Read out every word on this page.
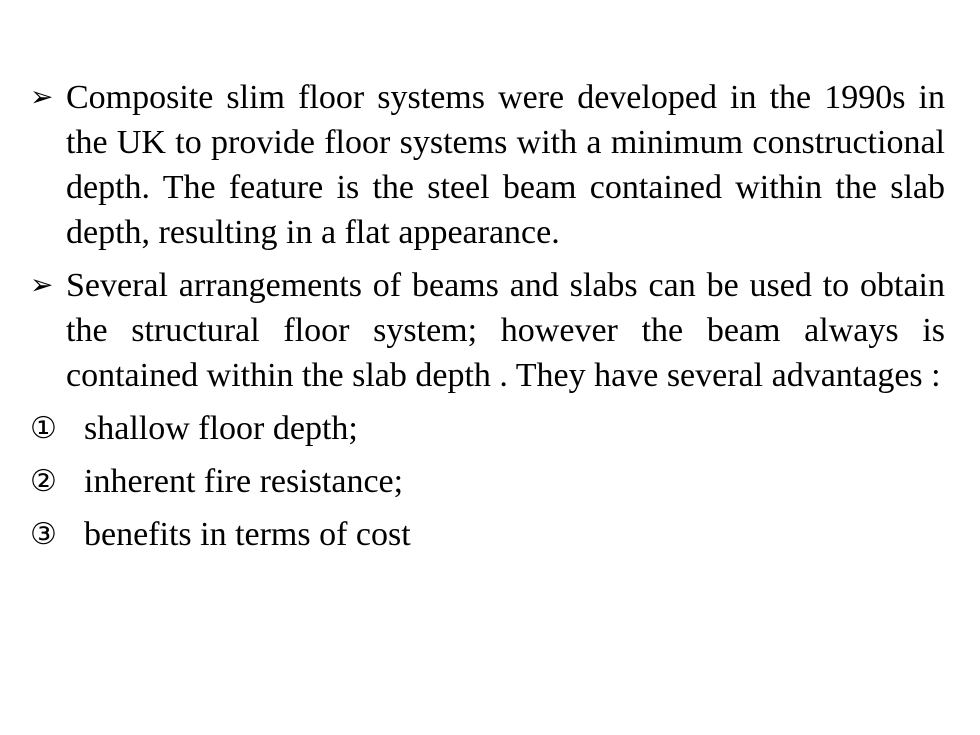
➢ Composite slim floor systems were developed in the 1990s in the UK to provide floor systems with a minimum constructional depth. The feature is the steel beam contained within the slab depth, resulting in a flat appearance.
➢ Several arrangements of beams and slabs can be used to obtain the structural floor system; however the beam always is contained within the slab depth . They have several advantages :
① shallow floor depth;
② inherent fire resistance;
③ benefits in terms of cost
